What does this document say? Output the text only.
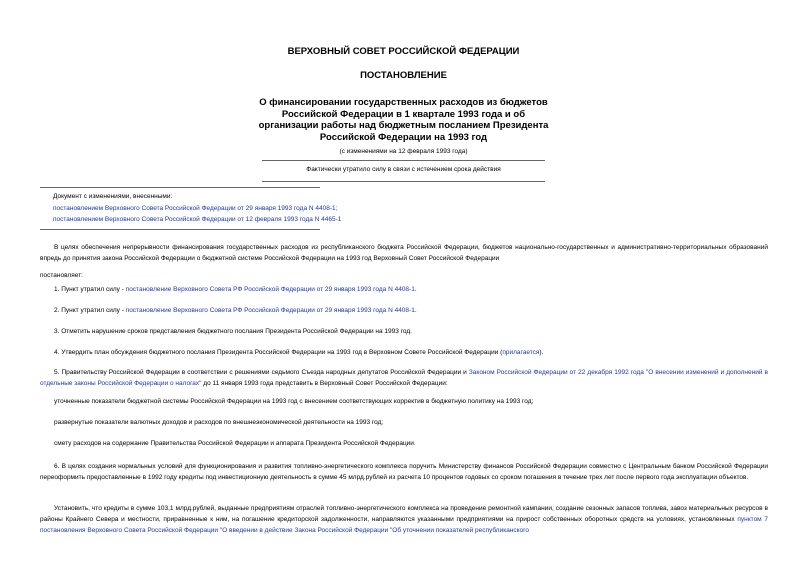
ВЕРХОВНЫЙ СОВЕТ РОССИЙСКОЙ ФЕДЕРАЦИИ
ПОСТАНОВЛЕНИЕ
О финансировании государственных расходов из бюджетов
Российской Федерации в 1 квартале 1993 года и об
организации работы над бюджетным посланием Президента
Российской Федерации на 1993 год
(с изменениями на 12 февраля 1993 года)
Фактически утратило силу в связи с истечением срока действия
Документ с изменениями, внесенными:
постановлением Верховного Совета Российской Федерации от 29 января 1993 года N 4408-1;
постановлением Верховного Совета Российской Федерации от 12 февраля 1993 года N 4465-1
В целях обеспечения непрерывности финансирования государственных расходов из республиканского бюджета Российской Федерации, бюджетов национально-государственных и административно-территориальных образований впредь до принятия закона Российской Федерации о бюджетной системе Российской Федерации на 1993 год Верховный Совет Российской Федерации
постановляет:
1. Пункт утратил силу - постановление Верховного Совета РФ Российской Федерации от 29 января 1993 года N 4408-1.
2. Пункт утратил силу - постановление Верховного Совета РФ Российской Федерации от 29 января 1993 года N 4408-1.
3. Отметить нарушение сроков представления бюджетного послания Президента Российской Федерации на 1993 год.
4. Утвердить план обсуждения бюджетного послания Президента Российской Федерации на 1993 год в Верховном Совете Российской Федерации (прилагается).
5. Правительству Российской Федерации в соответствии с решениями седьмого Съезда народных депутатов Российской Федерации и Законом Российской Федерации от 22 декабря 1992 года "О внесении изменений и дополнений в отдельные законы Российской Федерации о налогах" до 11 января 1993 года представить в Верховный Совет Российской Федерации:
уточненные показатели бюджетной системы Российской Федерации на 1993 год с внесением соответствующих корректив в бюджетную политику на 1993 год;
развернутые показатели валютных доходов и расходов по внешнеэкономической деятельности на 1993 год;
смету расходов на содержание Правительства Российской Федерации и аппарата Президента Российской Федерации.
6. В целях создания нормальных условий для функционирования и развития топливно-энергетического комплекса поручить Министерству финансов Российской Федерации совместно с Центральным банком Российской Федерации переоформить предоставленные в 1992 году кредиты под инвестиционную деятельность в сумме 45 млрд.рублей из расчета 10 процентов годовых со сроком погашения в течение трех лет после первого года эксплуатации объектов.
Установить, что кредиты в сумме 103,1 млрд.рублей, выданные предприятиям отраслей топливно-энергетического комплекса на проведение ремонтной кампании, создание сезонных запасов топлива, завоз материальных ресурсов в районы Крайнего Севера и местности, приравненные к ним, на погашение кредиторской задолженности, направляются указанными предприятиями на прирост собственных оборотных средств на условиях, установленных пунктом 7 постановления Верховного Совета Российской Федерации "О введении в действие Закона Российской Федерации "Об уточнении показателей республиканского
